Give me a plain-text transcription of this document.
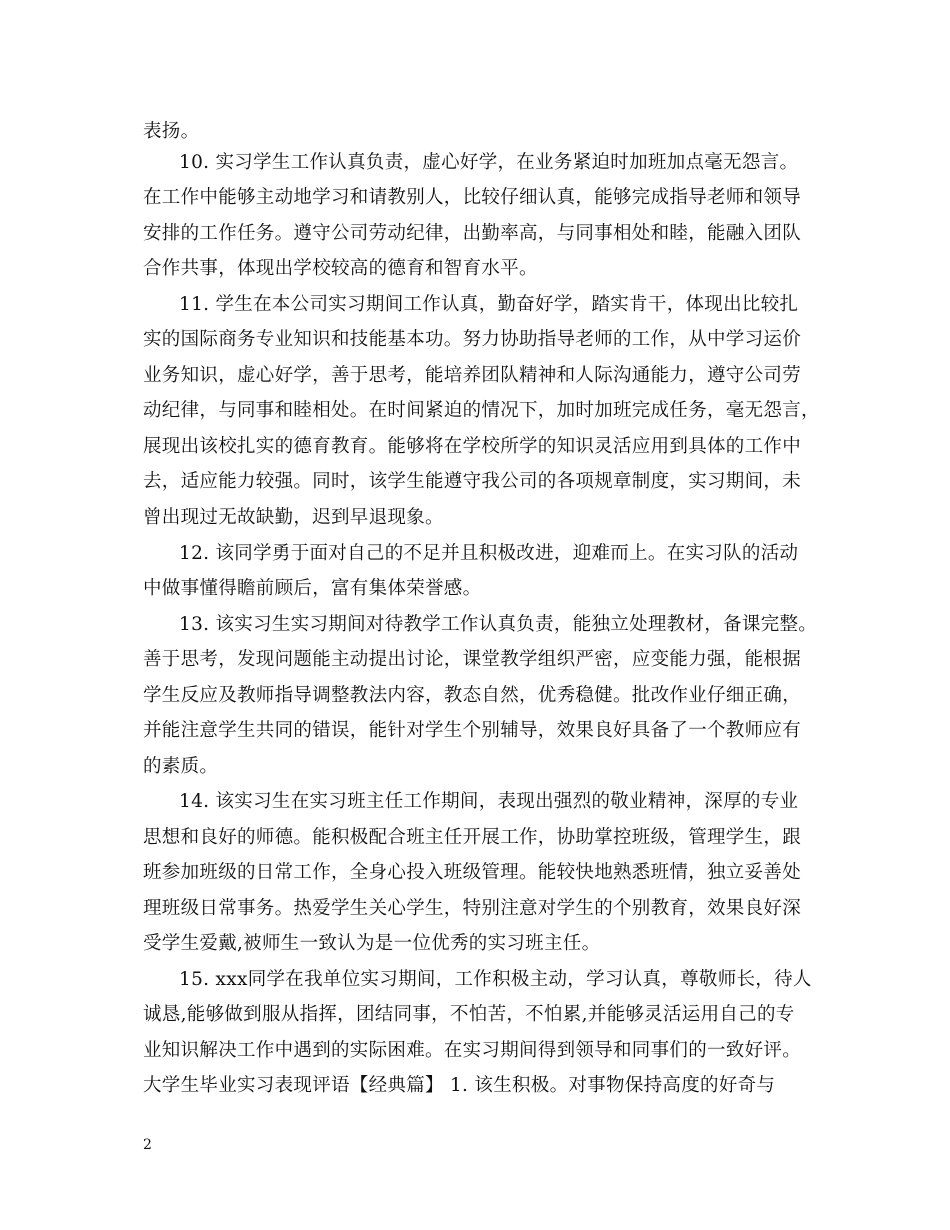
表扬。
10. 实习学生工作认真负责，虚心好学，在业务紧迫时加班加点毫无怨言。
在工作中能够主动地学习和请教别人，比较仔细认真，能够完成指导老师和领导
安排的工作任务。遵守公司劳动纪律，出勤率高，与同事相处和睦，能融入团队
合作共事，体现出学校较高的德育和智育水平。
11. 学生在本公司实习期间工作认真，勤奋好学，踏实肯干，体现出比较扎
实的国际商务专业知识和技能基本功。努力协助指导老师的工作，从中学习运价
业务知识，虚心好学，善于思考，能培养团队精神和人际沟通能力，遵守公司劳
动纪律，与同事和睦相处。在时间紧迫的情况下，加时加班完成任务，毫无怨言，
展现出该校扎实的德育教育。能够将在学校所学的知识灵活应用到具体的工作中
去，适应能力较强。同时，该学生能遵守我公司的各项规章制度，实习期间，未
曾出现过无故缺勤，迟到早退现象。
12. 该同学勇于面对自己的不足并且积极改进，迎难而上。在实习队的活动
中做事懂得瞻前顾后，富有集体荣誉感。
13. 该实习生实习期间对待教学工作认真负责，能独立处理教材，备课完整。
善于思考，发现问题能主动提出讨论，课堂教学组织严密，应变能力强，能根据
学生反应及教师指导调整教法内容，教态自然，优秀稳健。批改作业仔细正确，
并能注意学生共同的错误，能针对学生个别辅导，效果良好具备了一个教师应有
的素质。
14. 该实习生在实习班主任工作期间，表现出强烈的敬业精神，深厚的专业
思想和良好的师德。能积极配合班主任开展工作，协助掌控班级，管理学生，跟
班参加班级的日常工作，全身心投入班级管理。能较快地熟悉班情，独立妥善处
理班级日常事务。热爱学生关心学生，特别注意对学生的个别教育，效果良好深
受学生爱戴,被师生一致认为是一位优秀的实习班主任。
15. xxx同学在我单位实习期间，工作积极主动，学习认真，尊敬师长，待人
诚恳,能够做到服从指挥，团结同事，不怕苦，不怕累,并能够灵活运用自己的专
业知识解决工作中遇到的实际困难。在实习期间得到领导和同事们的一致好评。
大学生毕业实习表现评语【经典篇】 1. 该生积极。对事物保持高度的好奇与
2
